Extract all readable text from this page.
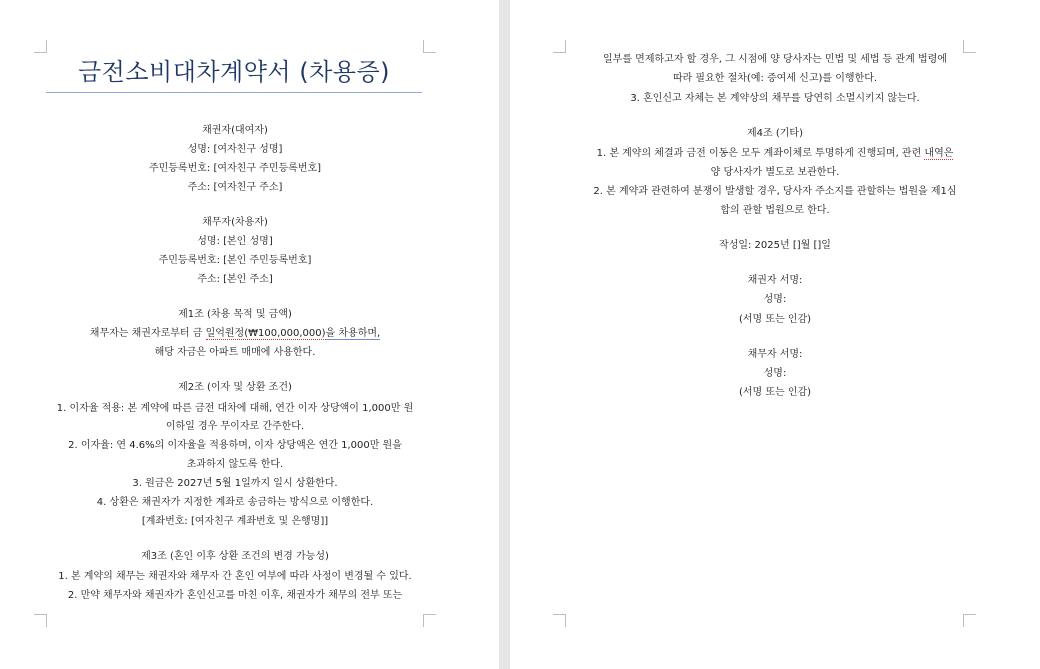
금전소비대차계약서 (차용증)
채권자(대여자)
성명: [여자친구 성명]
주민등록번호: [여자친구 주민등록번호]
주소: [여자친구 주소]
채무자(차용자)
성명: [본인 성명]
주민등록번호: [본인 주민등록번호]
주소: [본인 주소]
제1조 (차용 목적 및 금액)
채무자는 채권자로부터 금 일억원정(₩100,000,000)을 차용하며,
해당 자금은 아파트 매매에 사용한다.
제2조 (이자 및 상환 조건)
1. 이자율 적용: 본 계약에 따른 금전 대차에 대해, 연간 이자 상당액이 1,000만 원
이하일 경우 무이자로 간주한다.
2. 이자율: 연 4.6%의 이자율을 적용하며, 이자 상당액은 연간 1,000만 원을
초과하지 않도록 한다.
3. 원금은 2027년 5월 1일까지 일시 상환한다.
4. 상환은 채권자가 지정한 계좌로 송금하는 방식으로 이행한다.
[계좌번호: [여자친구 계좌번호 및 은행명]]
제3조 (혼인 이후 상환 조건의 변경 가능성)
1. 본 계약의 채무는 채권자와 채무자 간 혼인 여부에 따라 사정이 변경될 수 있다.
2. 만약 채무자와 채권자가 혼인신고를 마친 이후, 채권자가 채무의 전부 또는
일부를 면제하고자 할 경우, 그 시점에 양 당사자는 민법 및 세법 등 관계 법령에
따라 필요한 절차(예: 증여세 신고)를 이행한다.
3. 혼인신고 자체는 본 계약상의 채무를 당연히 소멸시키지 않는다.
제4조 (기타)
1. 본 계약의 체결과 금전 이동은 모두 계좌이체로 투명하게 진행되며, 관련 내역은
양 당사자가 별도로 보관한다.
2. 본 계약과 관련하여 분쟁이 발생할 경우, 당사자 주소지를 관할하는 법원을 제1심
합의 관할 법원으로 한다.
작성일: 2025년 []월 []일
채권자 서명:
성명:
(서명 또는 인감)
채무자 서명:
성명:
(서명 또는 인감)
